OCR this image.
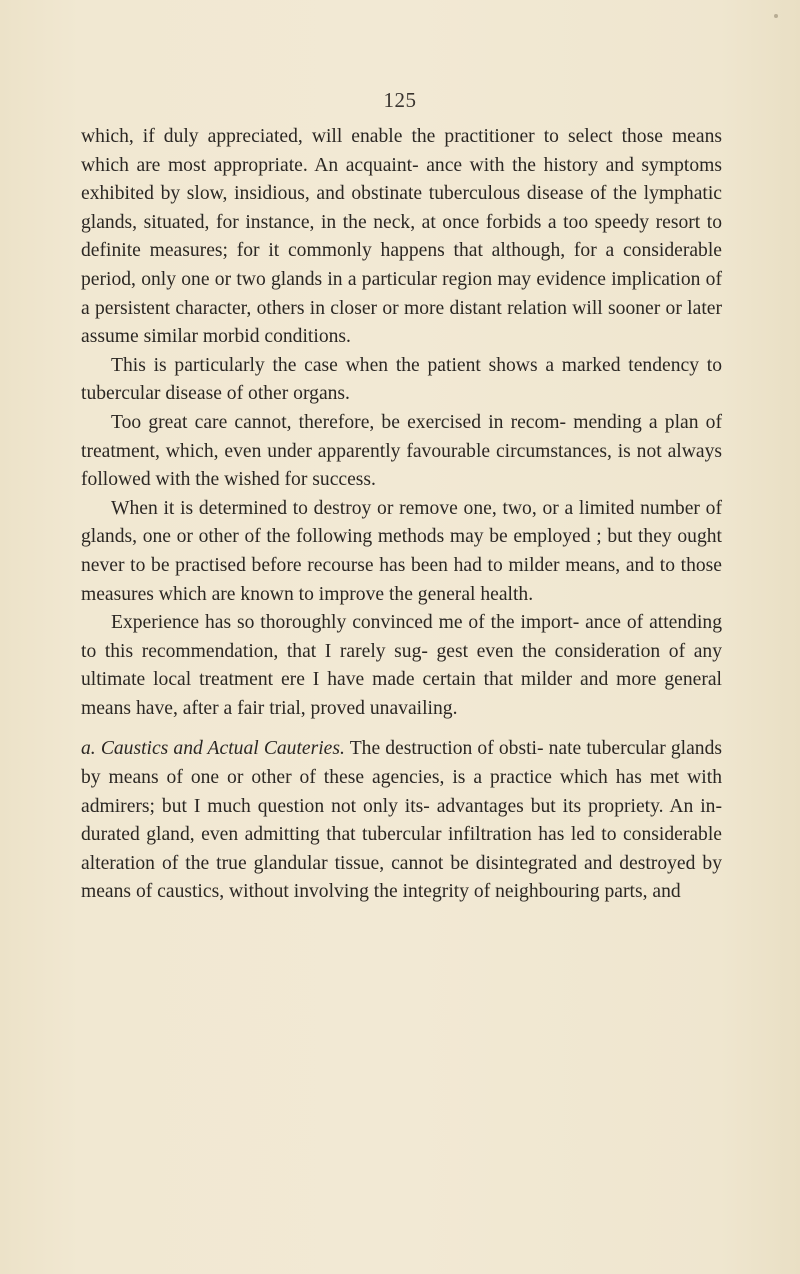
125

which, if duly appreciated, will enable the practitioner to select those means which are most appropriate. An acquaint- ance with the history and symptoms exhibited by slow, insidious, and obstinate tuberculous disease of the lymphatic glands, situated, for instance, in the neck, at once forbids a too speedy resort to definite measures; for it commonly happens that although, for a considerable period, only one or two glands in a particular region may evidence implication of a persistent character, others in closer or more distant relation will sooner or later assume similar morbid conditions.

This is particularly the case when the patient shows a marked tendency to tubercular disease of other organs.

Too great care cannot, therefore, be exercised in recom- mending a plan of treatment, which, even under apparently favourable circumstances, is not always followed with the wished for success.

When it is determined to destroy or remove one, two, or a limited number of glands, one or other of the following methods may be employed ; but they ought never to be practised before recourse has been had to milder means, and to those measures which are known to improve the general health.

Experience has so thoroughly convinced me of the import- ance of attending to this recommendation, that I rarely sug- gest even the consideration of any ultimate local treatment ere I have made certain that milder and more general means have, after a fair trial, proved unavailing.

a. Caustics and Actual Cauteries. The destruction of obsti- nate tubercular glands by means of one or other of these agencies, is a practice which has met with admirers; but I much question not only its- advantages but its propriety. An in- durated gland, even admitting that tubercular infiltration has led to considerable alteration of the true glandular tissue, cannot be disintegrated and destroyed by means of caustics, without involving the integrity of neighbouring parts, and
